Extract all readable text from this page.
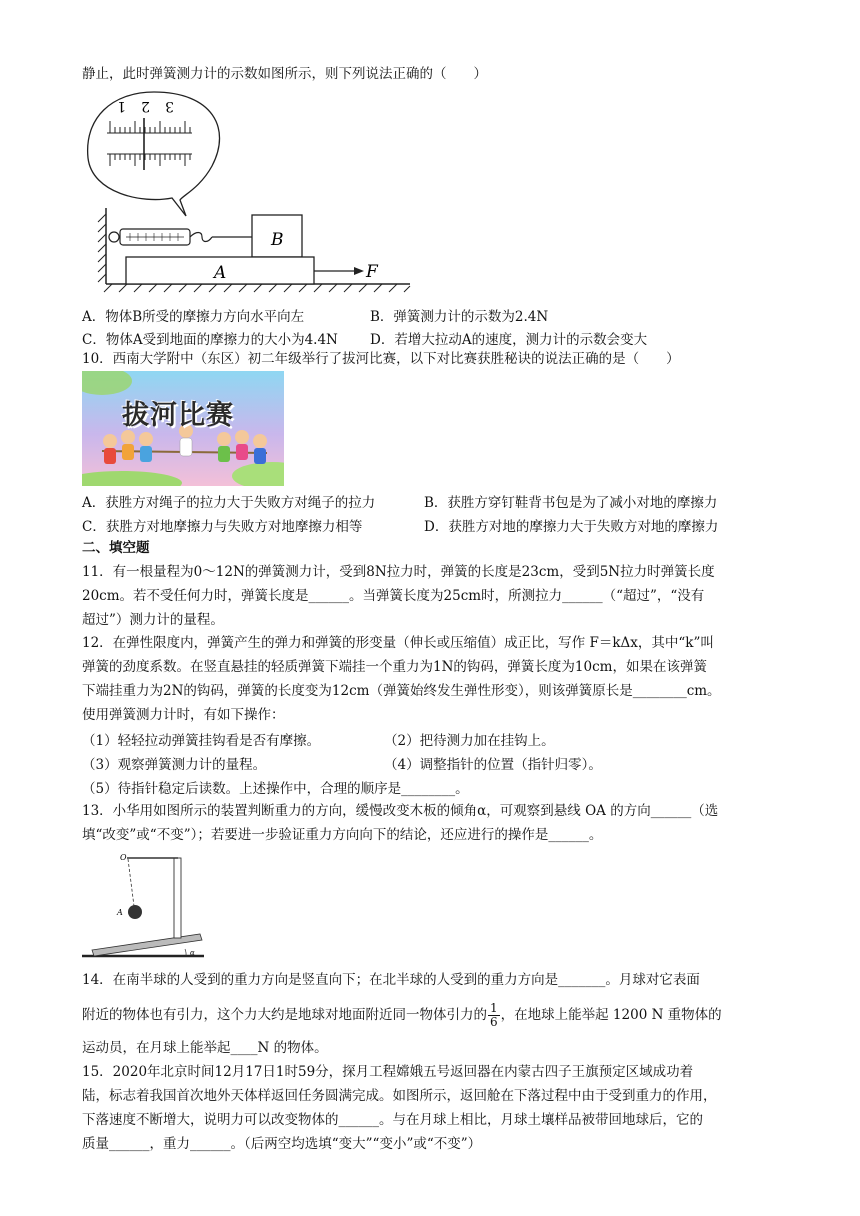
静止，此时弹簧测力计的示数如图所示，则下列说法正确的（　　）
1 2 3
B
A	F
A．物体B所受的摩擦力方向水平向左	B．弹簧测力计的示数为2.4N
C．物体A受到地面的摩擦力的大小为4.4N D．若增大拉动A的速度，测力计的示数会变大
10．西南大学附中（东区）初二年级举行了拔河比赛，以下对比赛获胜秘诀的说法正确的是（　　）
拔河比赛
A．获胜方对绳子的拉力大于失败方对绳子的拉力	B．获胜方穿钉鞋背书包是为了减小对地的摩擦力
C．获胜方对地摩擦力与失败方对地摩擦力相等	D．获胜方对地的摩擦力大于失败方对地的摩擦力
二、填空题
11．有一根量程为0～12N的弹簧测力计，受到8N拉力时，弹簧的长度是23cm，受到5N拉力时弹簧长度
20cm。若不受任何力时，弹簧长度是______。当弹簧长度为25cm时，所测拉力______（“超过”，“没有
超过”）测力计的量程。
12．在弹性限度内，弹簧产生的弹力和弹簧的形变量（伸长或压缩值）成正比，写作 F＝kΔx，其中“k”叫
弹簧的劲度系数。在竖直悬挂的轻质弹簧下端挂一个重力为1N的钩码，弹簧长度为10cm，如果在该弹簧
下端挂重力为2N的钩码，弹簧的长度变为12cm（弹簧始终发生弹性形变），则该弹簧原长是________cm。
使用弹簧测力计时，有如下操作：
（1）轻轻拉动弹簧挂钩看是否有摩擦。	（2）把待测力加在挂钩上。
（3）观察弹簧测力计的量程。	（4）调整指针的位置（指针归零）。
（5）待指针稳定后读数。上述操作中，合理的顺序是________。
13．小华用如图所示的装置判断重力的方向，缓慢改变木板的倾角α，可观察到悬线 OA 的方向______（选
填“改变”或“不变”）；若要进一步验证重力方向向下的结论，还应进行的操作是______。
O
A
α
14．在南半球的人受到的重力方向是竖直向下；在北半球的人受到的重力方向是_______。月球对它表面
附近的物体也有引力，这个力大约是地球对地面附近同一物体引力的 $\frac{1}{6}$ ，在地球上能举起 1200 N 重物体的
运动员，在月球上能举起____N 的物体。
15．2020年北京时间12月17日1时59分，探月工程嫦娥五号返回器在内蒙古四子王旗预定区域成功着
陆，标志着我国首次地外天体样返回任务圆满完成。如图所示，返回舱在下落过程中由于受到重力的作用，
下落速度不断增大，说明力可以改变物体的______。与在月球上相比，月球土壤样品被带回地球后，它的
质量______，重力______。（后两空均选填“变大”“变小”或“不变”）
